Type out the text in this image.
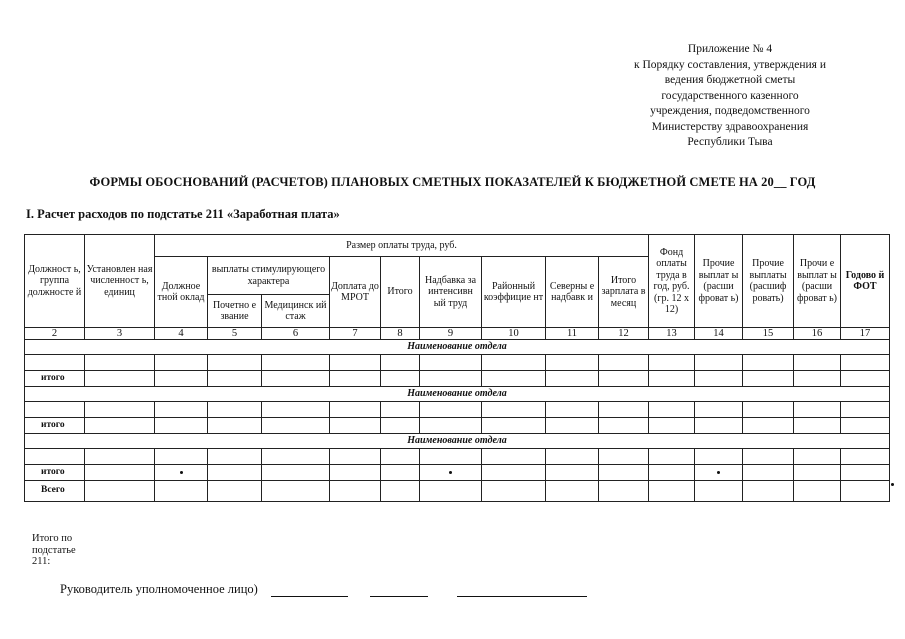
Приложение № 4
к Порядку составления, утверждения и
ведения бюджетной сметы
государственного казенного
учреждения, подведомственного
Министерству здравоохранения
Республики Тыва
ФОРМЫ ОБОСНОВАНИЙ (РАСЧЕТОВ) ПЛАНОВЫХ СМЕТНЫХ ПОКАЗАТЕЛЕЙ К БЮДЖЕТНОЙ СМЕТЕ НА 20__ ГОД
I. Расчет расходов по подстатье 211 «Заработная плата»
Должност ь, группа должносте й	Установлен ная численност ь, единиц	Размер оплаты труда, руб.									Фонд оплаты труда в год, руб. (гр. 12 х 12)	Прочие выплат ы (расши фроват ь)	Прочие выплаты (расшиф ровать)	Прочи е выплат ы (расши фроват ь)	Годово й ФОТ
		Должное тной оклад	выплаты стимулирующего характера		Доплата до МРОТ	Итого	Надбавка за интенсивн ый труд	Районный коэффицие нт	Северны е надбавк и	Итого зарплата в месяц					
			Почетно е звание	Медицинск ий стаж											
2	3	4	5	6	7	8	9	10	11	12	13	14	15	16	17
Наименование отдела															

итого															
Наименование отдела															

итого															
Наименование отдела															

итого															
Всего															
Итого по
подстатье
211:
Руководитель уполномоченное лицо)
